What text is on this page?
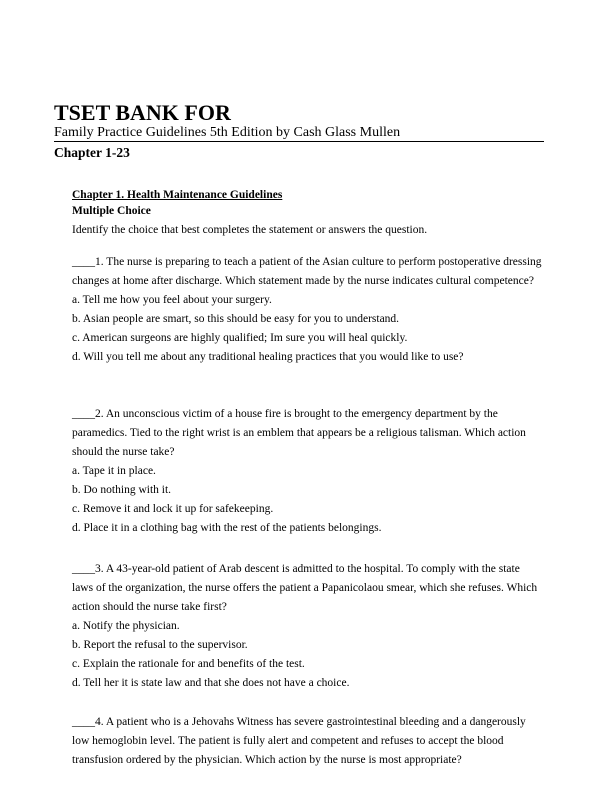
TSET BANK FOR
Family Practice Guidelines 5th Edition by Cash Glass Mullen
Chapter 1-23
Chapter 1. Health Maintenance Guidelines
Multiple Choice
Identify the choice that best completes the statement or answers the question.

____1. The nurse is preparing to teach a patient of the Asian culture to perform postoperative dressing changes at home after discharge. Which statement made by the nurse indicates cultural competence?

a. Tell me how you feel about your surgery.
b. Asian people are smart, so this should be easy for you to understand.
c. American surgeons are highly qualified; Im sure you will heal quickly.
d. Will you tell me about any traditional healing practices that you would like to use?

____2. An unconscious victim of a house fire is brought to the emergency department by the paramedics. Tied to the right wrist is an emblem that appears be a religious talisman. Which action should the nurse take?

a. Tape it in place.
b. Do nothing with it.
c. Remove it and lock it up for safekeeping.
d. Place it in a clothing bag with the rest of the patients belongings.

____3. A 43-year-old patient of Arab descent is admitted to the hospital. To comply with the state laws of the organization, the nurse offers the patient a Papanicolaou smear, which she refuses. Which action should the nurse take first?

a. Notify the physician.
b. Report the refusal to the supervisor.
c. Explain the rationale for and benefits of the test.
d. Tell her it is state law and that she does not have a choice.

____4. A patient who is a Jehovahs Witness has severe gastrointestinal bleeding and a dangerously low hemoglobin level. The patient is fully alert and competent and refuses to accept the blood transfusion ordered by the physician. Which action by the nurse is most appropriate?
